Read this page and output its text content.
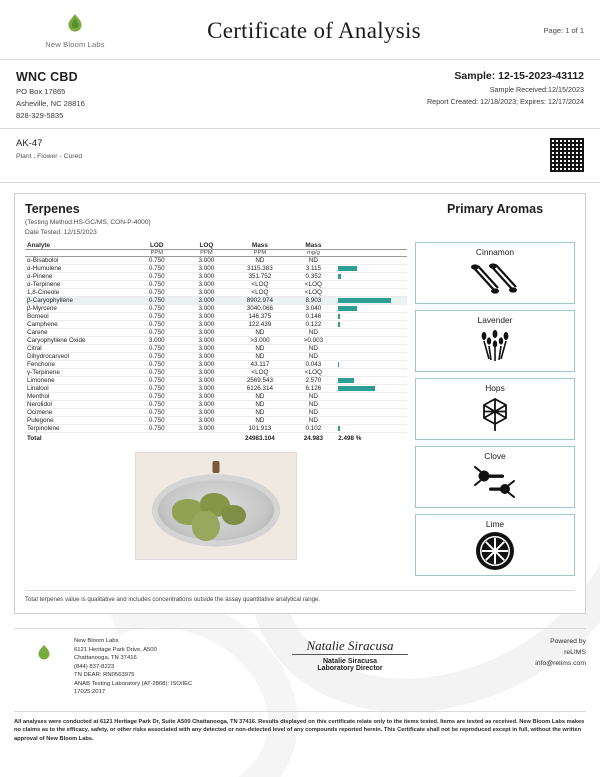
New Bloom Labs
Certificate of Analysis	Page: 1 of 1
WNC CBD
PO Box 17865
Asheville, NC 28816
828-329-5835
Sample: 12-15-2023-43112
Sample Received:12/15/2023
Report Created: 12/18/2023; Expires: 12/17/2024
AK-47
Plant , Flower - Cured
Terpenes
(Testing Method:HS-GC/MS, CON-P-4000)
Date Tested: 12/15/2023
Primary Aromas
Analyte	LOD	LOQ	Mass	Mass	
	PPM	PPM	PPM	mg/g	
α-Bisabolol	0.750	3.000	ND	ND	
α-Humulene	0.750	3.000	3115.383	3.115	
α-Pinene	0.750	3.000	351.752	0.352	
α-Terpinene	0.750	3.000	<LOQ	<LOQ	
1,8-Cineole	0.750	3.000	<LOQ	<LOQ	
β-Caryophyllene	0.750	3.000	8902.974	8.903	
β-Myrcene	0.750	3.000	3040.066	3.040	
Borneol	0.750	3.000	146.375	0.146	
Camphene	0.750	3.000	122.439	0.122	
Carene	0.750	3.000	ND	ND	
Caryophyllene Oxide	3.000	3.000	>3.000	>0.003	
Citral	0.750	3.000	ND	ND	
Dihydrocarveol	0.750	3.000	ND	ND	
Fenchone	0.750	3.000	43.117	0.043	
γ-Terpinene	0.750	3.000	<LOQ	<LOQ	
Limonene	0.750	3.000	2569.543	2.570	
Linalool	0.750	3.000	6126.314	6.126	
Menthol	0.750	3.000	ND	ND	
Nerolidol	0.750	3.000	ND	ND	
Ocimene	0.750	3.000	ND	ND	
Pulegone	0.750	3.000	ND	ND	
Terpinolene	0.750	3.000	101.913	0.102	
Total			24983.104	24.983	2.498 %
Cinnamon
Lavender
Hops
Clove
Lime
Total terpenes value is qualitative and includes concentrations outside the assay quantitative analytical range.
New Bloom Labs
6121 Heritage Park Drive, A500
Chattanooga, TN 37416
(844) 837-8223
TN DEAR: RN0563975
ANAB Testing Laboratory (AT-2868): ISO/IEC 17025:2017
Natalie Siracusa
Natalie Siracusa
Laboratory Director
Powered by
reLIMS
info@relims.com
All analyses were conducted at 6121 Heritage Park Dr, Suite A500 Chattanooga, TN 37416. Results displayed on this certificate relate only to the items tested. Items are tested as received. New Bloom Labs makes no claims as to the efficacy, safety, or other risks associated with any detected or non-detected level of any compounds reported herein. This Certificate shall not be reproduced except in full, without the written approval of New Bloom Labs.
